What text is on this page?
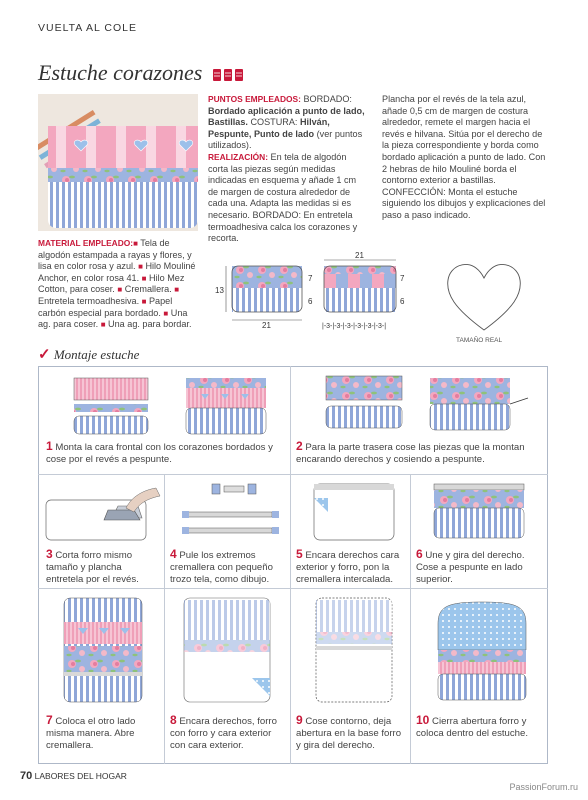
VUELTA AL COLE
Estuche corazones
PUNTOS EMPLEADOS: BORDADO: Bordado aplicación a punto de lado, Bastillas. COSTURA: Hilván, Pespunte, Punto de lado (ver puntos utilizados).
REALIZACIÓN: En tela de algodón corta las piezas según medidas indicadas en esquema y añade 1 cm de margen de costura alrededor de cada una. Adapta las medidas si es necesario. BORDADO: En entretela termoadhesiva calca los corazones y recorta.
Plancha por el revés de la tela azul, añade 0,5 cm de margen de costura alrededor, remete el margen hacia el revés e hilvana. Sitúa por el derecho de la pieza correspondiente y borda como bordado aplicación a punto de lado. Con 2 hebras de hilo Mouliné borda el contorno exterior a bastillas. CONFECCIÓN: Monta el estuche siguiendo los dibujos y explicaciones del paso a paso indicado.
MATERIAL EMPLEADO:■ Tela de algodón estampada a rayas y flores, y lisa en color rosa y azul. ■ Hilo Mouliné Anchor, en color rosa 41. ■ Hilo Mez Cotton, para coser. ■ Cremallera. ■ Entretela termoadhesiva. ■ Papel carbón especial para bordado. ■ Una ag. para coser. ■ Una ag. para bordar.
21
13
21
7
6
7
6
|-3-|-3-|-3-|-3-|-3-|-3-|
TAMAÑO REAL
✓ Montaje estuche
1 Monta la cara frontal con los corazones bordados y cose por el revés a pespunte.
2 Para la parte trasera cose las piezas que la montan encarando derechos y cosiendo a pespunte.
3 Corta forro mismo tamaño y plancha entretela por el revés.
4 Pule los extremos cremallera con pequeño trozo tela, como dibujo.
5 Encara derechos cara exterior y forro, pon la cremallera intercalada.
6 Une y gira del derecho. Cose a pespunte en lado superior.
7 Coloca el otro lado misma manera. Abre cremallera.
8 Encara derechos, forro con forro y cara exterior con cara exterior.
9 Cose contorno, deja abertura en la base forro y gira del derecho.
10 Cierra abertura forro y coloca dentro del estuche.
70 LABORES DEL HOGAR
PassionForum.ru
